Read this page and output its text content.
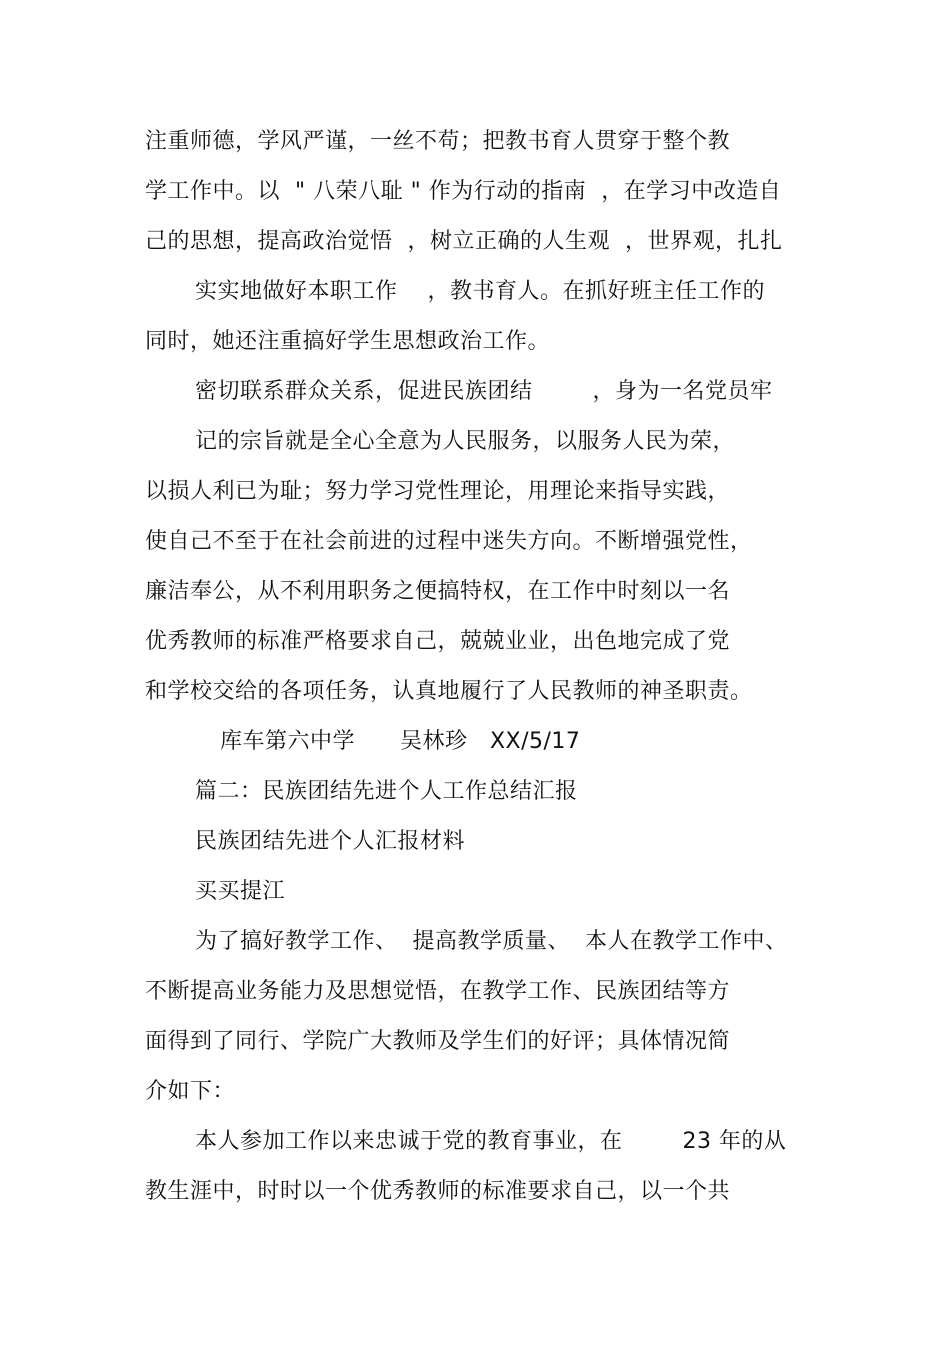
注重师德，学风严谨，一丝不苟；把教书育人贯穿于整个教
学工作中。以  " 八荣八耻 " 作为行动的指南  ，在学习中改造自
己的思想，提高政治觉悟  ，树立正确的人生观  ，世界观，扎扎
实实地做好本职工作    ，教书育人。在抓好班主任工作的
同时，她还注重搞好学生思想政治工作。
密切联系群众关系，促进民族团结        ，身为一名党员牢
记的宗旨就是全心全意为人民服务，以服务人民为荣，
以损人利已为耻；努力学习党性理论，用理论来指导实践，
使自己不至于在社会前进的过程中迷失方向。不断增强党性，
廉洁奉公，从不利用职务之便搞特权，在工作中时刻以一名
优秀教师的标准严格要求自己，兢兢业业，出色地完成了党
和学校交给的各项任务，认真地履行了人民教师的神圣职责。
库车第六中学      吴林珍   XX/5/17
篇二：民族团结先进个人工作总结汇报
民族团结先进个人汇报材料
买买提江
为了搞好教学工作、  提高教学质量、  本人在教学工作中、
不断提高业务能力及思想觉悟，在教学工作、民族团结等方
面得到了同行、学院广大教师及学生们的好评；具体情况简
介如下：
本人参加工作以来忠诚于党的教育事业，在        23 年的从
教生涯中，时时以一个优秀教师的标准要求自己，以一个共
